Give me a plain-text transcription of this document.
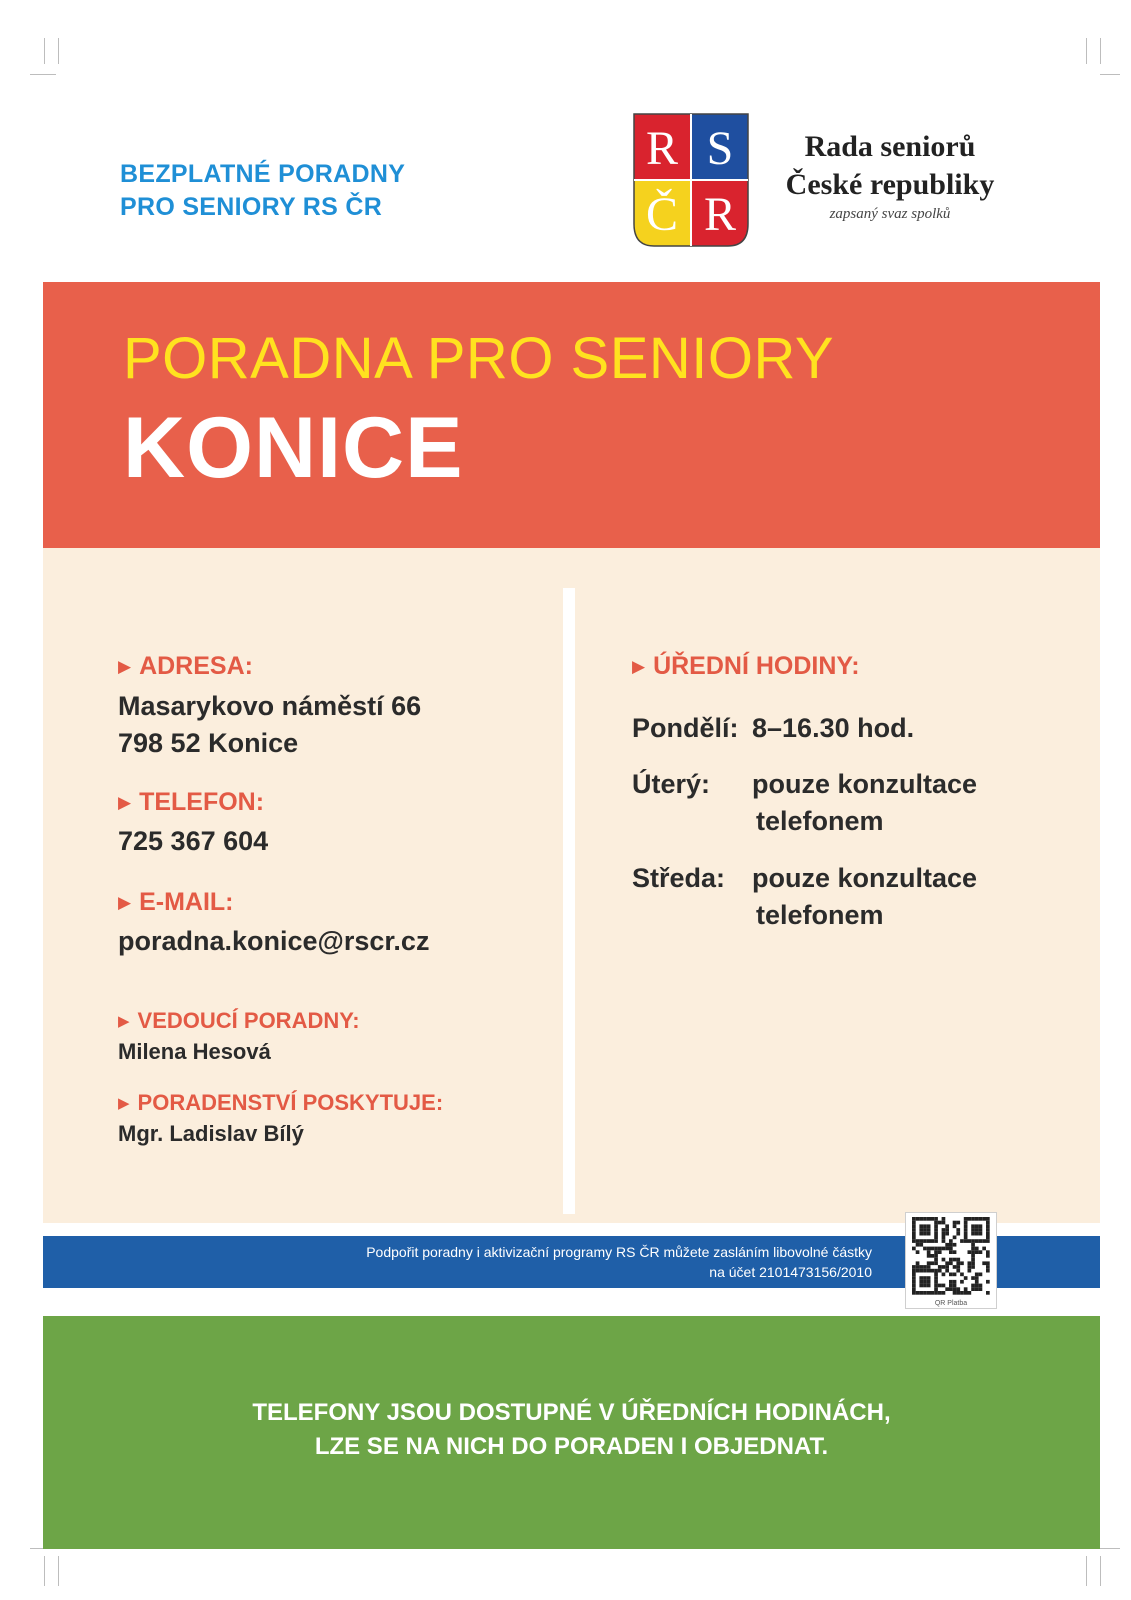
BEZPLATNÉ PORADNY
PRO SENIORY RS ČR
R S
Č R
Rada seniorů
České republiky
zapsaný svaz spolků
PORADNA PRO SENIORY
KONICE
▶ ADRESA:
Masarykovo náměstí 66
798 52 Konice
▶ TELEFON:
725 367 604
▶ E-MAIL:
poradna.konice@rscr.cz
▶ VEDOUCÍ PORADNY:
Milena Hesová
▶ PORADENSTVÍ POSKYTUJE:
Mgr. Ladislav Bílý
▶ ÚŘEDNÍ HODINY:
Pondělí: 8–16.30 hod.
Úterý: pouze konzultace
telefonem
Středa: pouze konzultace
telefonem
Podpořit poradny i aktivizační programy RS ČR můžete zasláním libovolné částky
na účet 2101473156/2010
QR Platba
TELEFONY JSOU DOSTUPNÉ V ÚŘEDNÍCH HODINÁCH,
LZE SE NA NICH DO PORADEN I OBJEDNAT.
